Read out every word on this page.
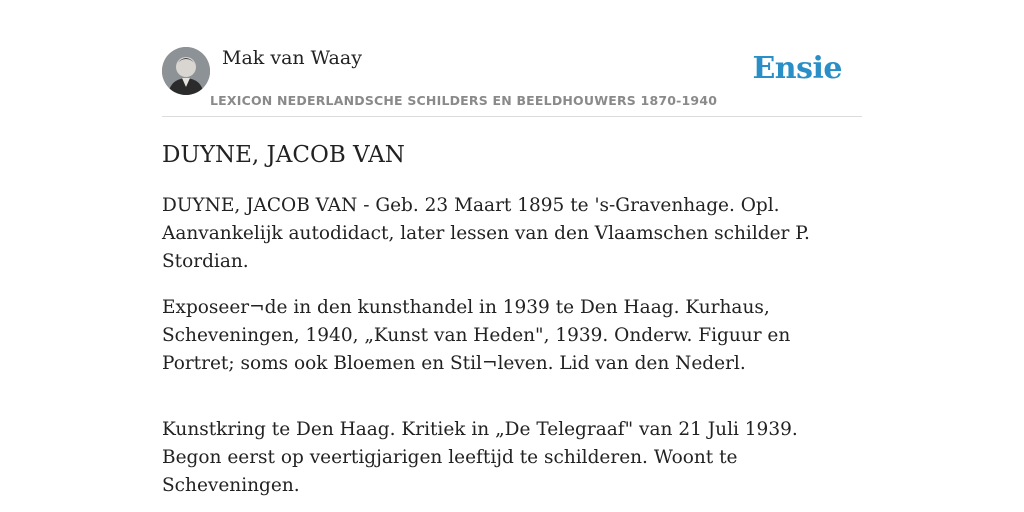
Mak van Waay
LEXICON NEDERLANDSCHE SCHILDERS EN BEELDHOUWERS 1870-1940
Ensie
DUYNE, JACOB VAN

DUYNE, JACOB VAN - Geb. 23 Maart 1895 te 's-Gravenhage. Opl. Aanvankelijk autodidact, later lessen van den Vlaamschen schilder P. Stordian.

Exposeer¬de in den kunsthandel in 1939 te Den Haag. Kurhaus, Scheveningen, 1940, „Kunst van Heden", 1939. Onderw. Figuur en Portret; soms ook Bloemen en Stil¬leven. Lid van den Nederl.

Kunstkring te Den Haag. Kritiek in „De Telegraaf" van 21 Juli 1939. Begon eerst op veertigjarigen leeftijd te schilderen. Woont te Scheveningen.
